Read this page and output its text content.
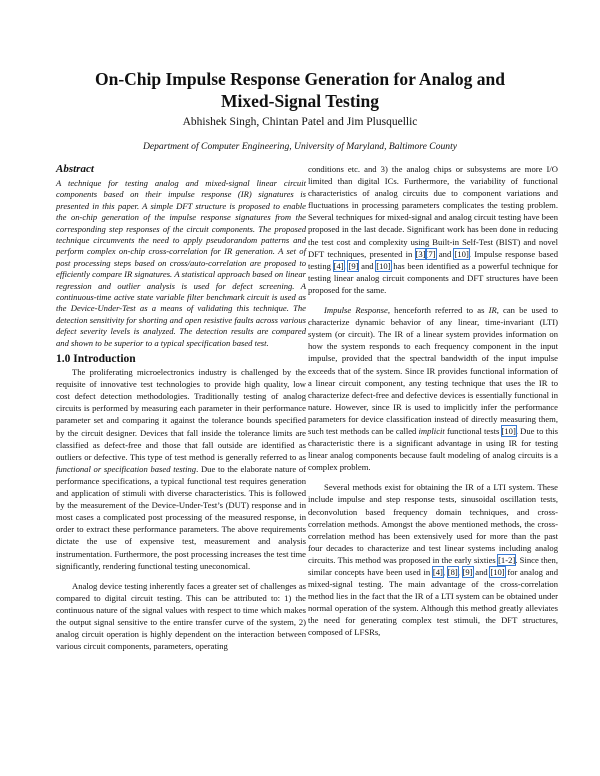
On-Chip Impulse Response Generation for Analog and
Mixed-Signal Testing

Abhishek Singh, Chintan Patel and Jim Plusquellic

Department of Computer Engineering, University of Maryland, Baltimore County

Abstract

A technique for testing analog and mixed-signal linear circuit components based on their impulse response (IR) signatures is presented in this paper. A simple DFT structure is proposed to enable the on-chip generation of the impulse response signatures from the corresponding step responses of the circuit components. The proposed technique circumvents the need to apply pseudorandom patterns and perform complex on-chip cross-correlation for IR generation. A set of post processing steps based on cross/auto-correlation are proposed to efficiently compare IR signatures. A statistical approach based on linear regression and outlier analysis is used for defect screening. A continuous-time active state variable filter benchmark circuit is used as the Device-Under-Test as a means of validating this technique. The detection sensitivity for shorting and open resistive faults across various defect severity levels is analyzed. The detection results are compared and shown to be superior to a typical specification based test.

1.0 Introduction

The proliferating microelectronics industry is challenged by the requisite of innovative test technologies to provide high quality, low cost defect detection methodologies. Traditionally testing of analog circuits is performed by measuring each parameter in their performance parameter set and comparing it against the tolerance bounds specified by the circuit designer. Devices that fall inside the tolerance limits are classified as defect-free and those that fall outside are identified as outliers or defective. This type of test method is generally referred to as functional or specification based testing. Due to the elaborate nature of performance specifications, a typical functional test requires generation and application of stimuli with diverse characteristics. This is followed by the measurement of the Device-Under-Test’s (DUT) response and in most cases a complicated post processing of the measured response, in order to extract these performance parameters. The above requirements dictate the use of expensive test, measurement and analysis instrumentation. Furthermore, the post processing increases the test time significantly, rendering functional testing uneconomical.

Analog device testing inherently faces a greater set of challenges as compared to digital circuit testing. This can be attributed to: 1) the continuous nature of the signal values with respect to time which makes the output signal sensitive to the entire transfer curve of the system, 2) analog circuit operation is highly dependent on the interaction between various circuit components, parameters, operating

conditions etc. and 3) the analog chips or subsystems are more I/O limited than digital ICs. Furthermore, the variability of functional characteristics of analog circuits due to component variations and fluctuations in processing parameters complicates the testing problem. Several techniques for mixed-signal and analog circuit testing have been proposed in the last decade. Significant work has been done in reducing the test cost and complexity using Built-in Self-Test (BIST) and novel DFT techniques, presented in [3][7] and [10]. Impulse response based testing [4], [9] and [10] has been identified as a powerful technique for testing linear analog circuit components and DFT structures have been proposed for the same.

Impulse Response, henceforth referred to as IR, can be used to characterize dynamic behavior of any linear, time-invariant (LTI) system (or circuit). The IR of a linear system provides information on how the system responds to each frequency component in the input impulse, provided that the spectral bandwidth of the input impulse exceeds that of the system. Since IR provides functional information of a linear circuit component, any testing technique that uses the IR to characterize defect-free and defective devices is essentially functional in nature. However, since IR is used to implicitly infer the performance parameters for device classification instead of directly measuring them, such test methods can be called implicit functional tests [10]. Due to this characteristic there is a significant advantage in using IR for testing linear analog components because fault modeling of analog circuits is a complex problem.

Several methods exist for obtaining the IR of a LTI system. These include impulse and step response tests, sinusoidal oscillation tests, deconvolution based frequency domain techniques, and cross-correlation methods. Amongst the above mentioned methods, the cross-correlation method has been extensively used for more than the past four decades to characterize and test linear systems including analog circuits. This method was proposed in the early sixties [1-2]. Since then, similar concepts have been used in [4], [8], [9] and [10] for analog and mixed-signal testing. The main advantage of the cross-correlation method lies in the fact that the IR of a LTI system can be obtained under normal operation of the system. Although this method greatly alleviates the need for generating complex test stimuli, the DFT structures, composed of LFSRs,
